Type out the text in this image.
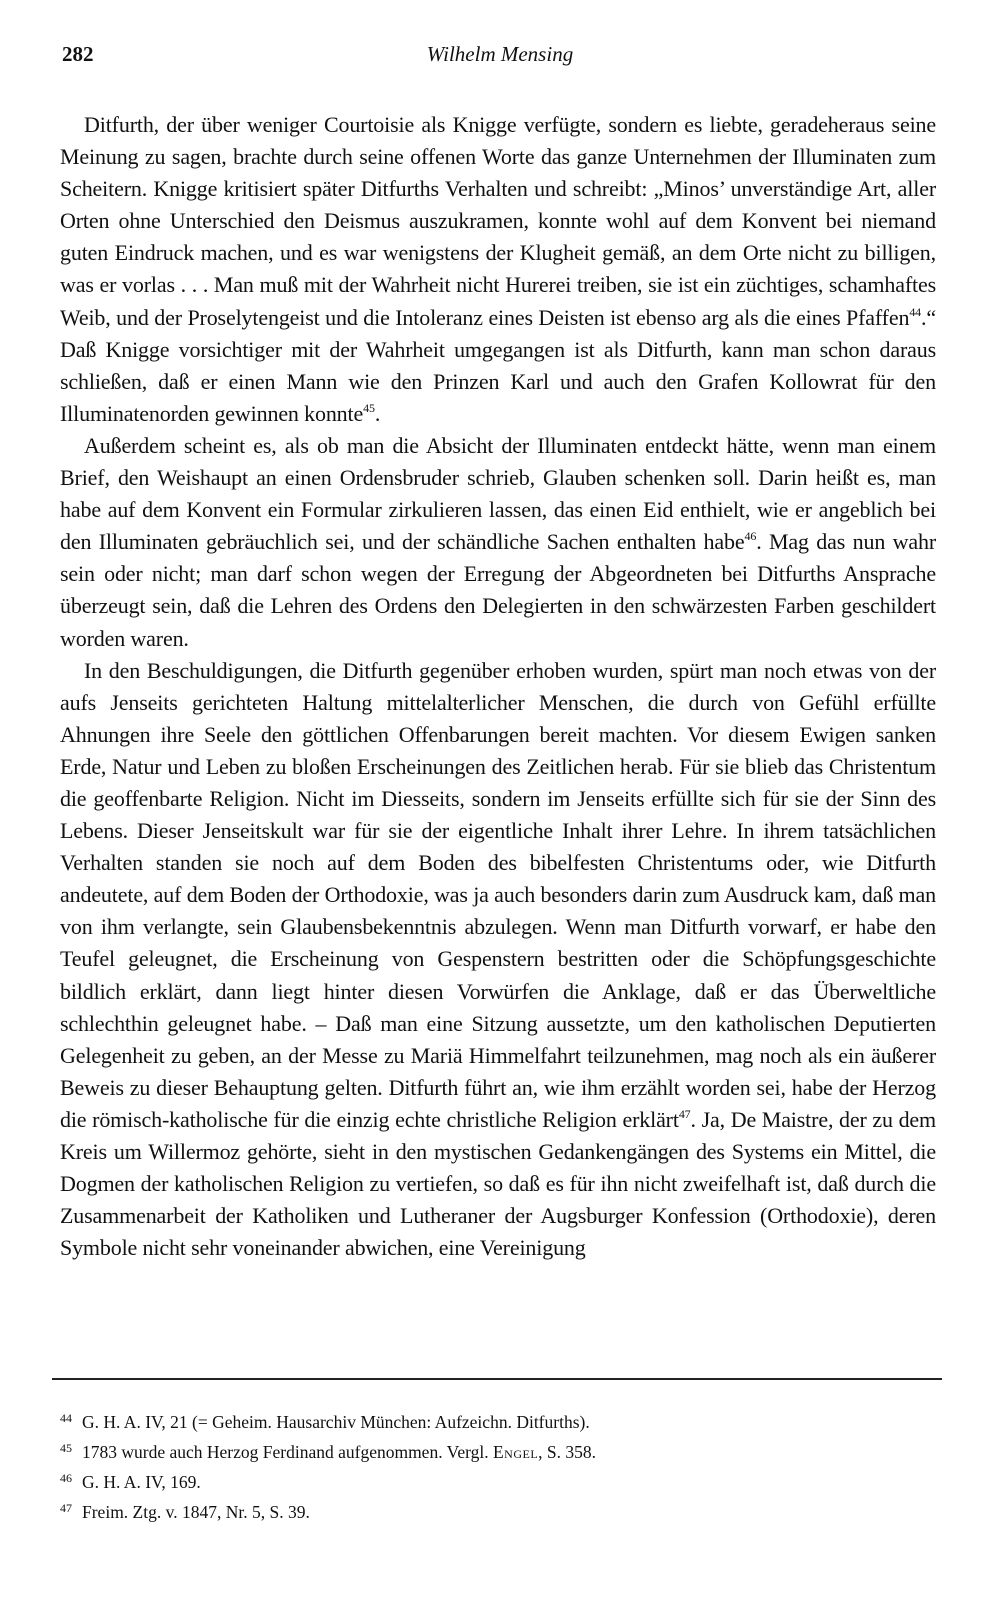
282	Wilhelm Mensing

Ditfurth, der über weniger Courtoisie als Knigge verfügte, sondern es liebte, geradeheraus seine Meinung zu sagen, brachte durch seine offenen Worte das ganze Unternehmen der Illuminaten zum Scheitern. Knigge kritisiert später Ditfurths Verhalten und schreibt: „Minos’ unverständige Art, aller Orten ohne Unterschied den Deismus auszukramen, konnte wohl auf dem Konvent bei niemand guten Eindruck machen, und es war wenigstens der Klugheit gemäß, an dem Orte nicht zu billigen, was er vorlas . . . Man muß mit der Wahrheit nicht Hurerei treiben, sie ist ein züchtiges, schamhaftes Weib, und der Proselytengeist und die Intoleranz eines Deisten ist ebenso arg als die eines Pfaffen$^{44}$.“ Daß Knigge vorsichtiger mit der Wahrheit umgegangen ist als Ditfurth, kann man schon daraus schließen, daß er einen Mann wie den Prinzen Karl und auch den Grafen Kollowrat für den Illuminatenorden gewinnen konnte$^{45}$.

Außerdem scheint es, als ob man die Absicht der Illuminaten entdeckt hätte, wenn man einem Brief, den Weishaupt an einen Ordensbruder schrieb, Glauben schenken soll. Darin heißt es, man habe auf dem Konvent ein Formular zirkulieren lassen, das einen Eid enthielt, wie er angeblich bei den Illuminaten gebräuchlich sei, und der schändliche Sachen enthalten habe$^{46}$. Mag das nun wahr sein oder nicht; man darf schon wegen der Erregung der Abgeordneten bei Ditfurths Ansprache überzeugt sein, daß die Lehren des Ordens den Delegierten in den schwärzesten Farben geschildert worden waren.

In den Beschuldigungen, die Ditfurth gegenüber erhoben wurden, spürt man noch etwas von der aufs Jenseits gerichteten Haltung mittelalterlicher Menschen, die durch von Gefühl erfüllte Ahnungen ihre Seele den göttlichen Offenbarungen bereit machten. Vor diesem Ewigen sanken Erde, Natur und Leben zu bloßen Erscheinungen des Zeitlichen herab. Für sie blieb das Christentum die geoffenbarte Religion. Nicht im Diesseits, sondern im Jenseits erfüllte sich für sie der Sinn des Lebens. Dieser Jenseitskult war für sie der eigentliche Inhalt ihrer Lehre. In ihrem tatsächlichen Verhalten standen sie noch auf dem Boden des bibelfesten Christentums oder, wie Ditfurth andeutete, auf dem Boden der Orthodoxie, was ja auch besonders darin zum Ausdruck kam, daß man von ihm verlangte, sein Glaubensbekenntnis abzulegen. Wenn man Ditfurth vorwarf, er habe den Teufel geleugnet, die Erscheinung von Gespenstern bestritten oder die Schöpfungsgeschichte bildlich erklärt, dann liegt hinter diesen Vorwürfen die Anklage, daß er das Überweltliche schlechthin geleugnet habe. – Daß man eine Sitzung aussetzte, um den katholischen Deputierten Gelegenheit zu geben, an der Messe zu Mariä Himmelfahrt teilzunehmen, mag noch als ein äußerer Beweis zu dieser Behauptung gelten. Ditfurth führt an, wie ihm erzählt worden sei, habe der Herzog die römisch-katholische für die einzig echte christliche Religion erklärt$^{47}$. Ja, De Maistre, der zu dem Kreis um Willermoz gehörte, sieht in den mystischen Gedankengängen des Systems ein Mittel, die Dogmen der katholischen Religion zu vertiefen, so daß es für ihn nicht zweifelhaft ist, daß durch die Zusammenarbeit der Katholiken und Lutheraner der Augsburger Konfession (Orthodoxie), deren Symbole nicht sehr voneinander abwichen, eine Vereinigung

44 G. H. A. IV, 21 (= Geheim. Hausarchiv München: Aufzeichn. Ditfurths).
45 1783 wurde auch Herzog Ferdinand aufgenommen. Vergl. Engel, S. 358.
46 G. H. A. IV, 169.
47 Freim. Ztg. v. 1847, Nr. 5, S. 39.
